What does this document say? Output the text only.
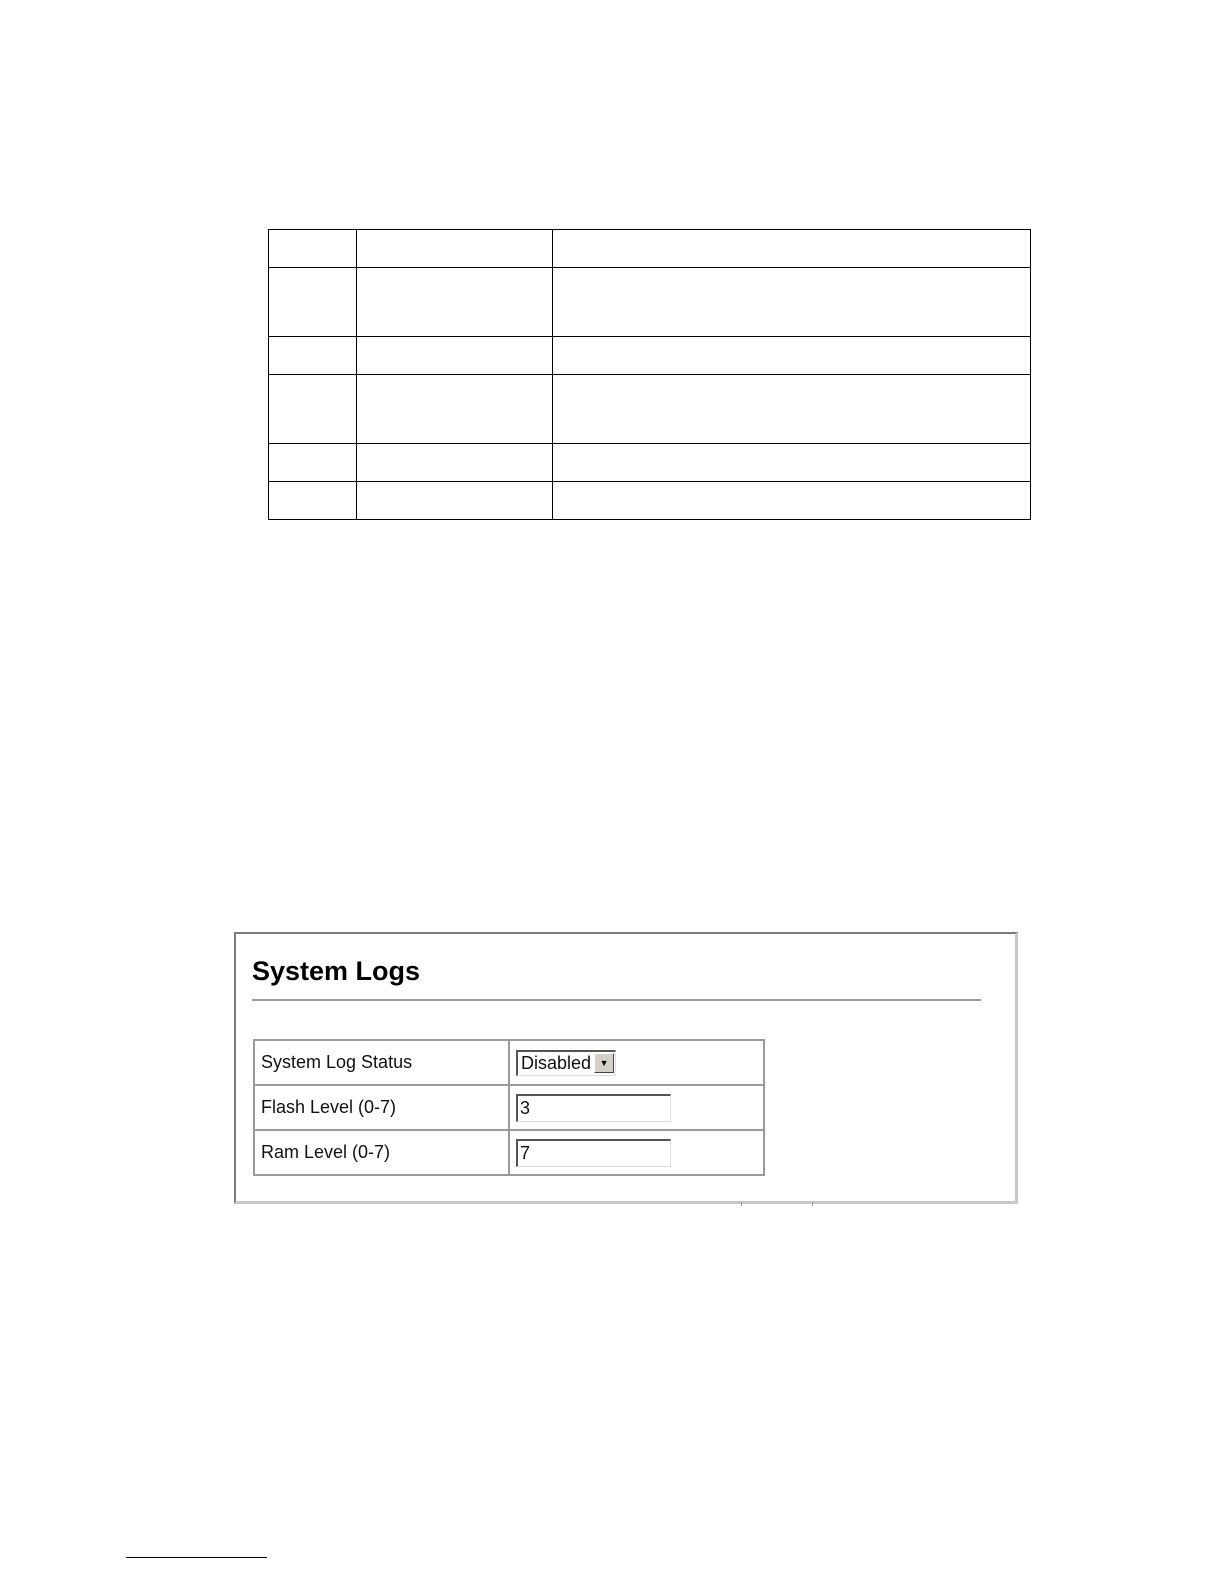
System Logs
System Log Status	Disabled ▼

Flash Level (0-7)	3
Ram Level (0-7)	7
